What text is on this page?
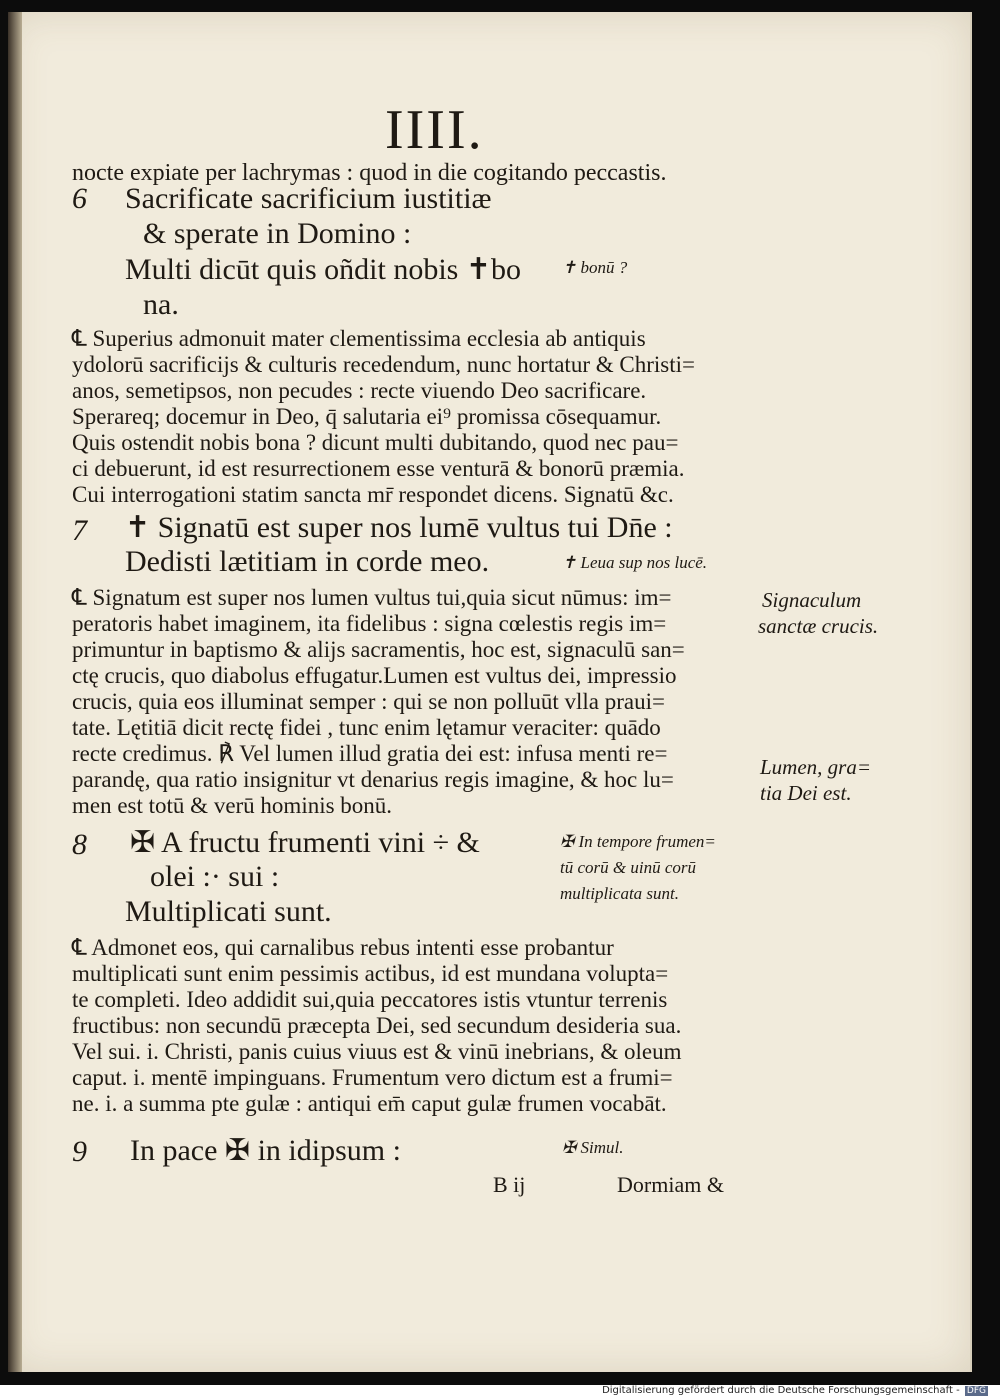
IIII.
nocte expiate per lachrymas : quod in die cogitando peccastis.
6 Sacrificate sacrificium iustitiæ
& sperate in Domino :
Multi dicūt quis oñdit nobis ✝bo ✝ bonū ?
na.
℄ Superius admonuit mater clementissima ecclesia ab antiquis
ydolorū sacrificijs & culturis recedendum, nunc hortatur & Christi=
anos, semetipsos, non pecudes : recte viuendo Deo sacrificare.
Sperareq; docemur in Deo, q̄ salutaria ei⁹ promissa cōsequamur.
Quis ostendit nobis bona ? dicunt multi dubitando, quod nec pau=
ci debuerunt, id est resurrectionem esse venturā & bonorū præmia.
Cui interrogationi statim sancta mr̄ respondet dicens. Signatū &c.
7 ✝ Signatū est super nos lumē vultus tui Dn̄e :
Dedisti lætitiam in corde meo.	✝ Leua sup nos lucē.
℄ Signatum est super nos lumen vultus tui,quia sicut nūmus: im=
peratoris habet imaginem, ita fidelibus : signa cœlestis regis im=
primuntur in baptismo & alijs sacramentis, hoc est, signaculū san=
ctę crucis, quo diabolus effugatur.Lumen est vultus dei, impressio
crucis, quia eos illuminat semper : qui se non polluūt vlla praui=
tate. Lętitiā dicit rectę fidei , tunc enim lętamur veraciter: quādo
recte credimus. ℟ Vel lumen illud gratia dei est: infusa menti re=
parandę, qua ratio insignitur vt denarius regis imagine, & hoc lu=
men est totū & verū hominis bonū.
Signaculum
sanctæ crucis.
Lumen, gra=
tia Dei est.
8 ✠ A fructu frumenti vini ÷ &
olei :· sui :
Multiplicati sunt.
✠ In tempore frumen=
tū corū & uinū corū
multiplicata sunt.
℄ Admonet eos, qui carnalibus rebus intenti esse probantur
multiplicati sunt enim pessimis actibus, id est mundana volupta=
te completi. Ideo addidit sui,quia peccatores istis vtuntur terrenis
fructibus: non secundū præcepta Dei, sed secundum desideria sua.
Vel sui. i. Christi, panis cuius viuus est & vinū inebrians, & oleum
caput. i. mentē impinguans. Frumentum vero dictum est a frumi=
ne. i. a summa pte gulæ : antiqui em̄ caput gulæ frumen vocabāt.
9 In pace ✠ in idipsum :	✠ Simul.
B ij	Dormiam &
Digitalisierung gefördert durch die Deutsche Forschungsgemeinschaft - DFG
